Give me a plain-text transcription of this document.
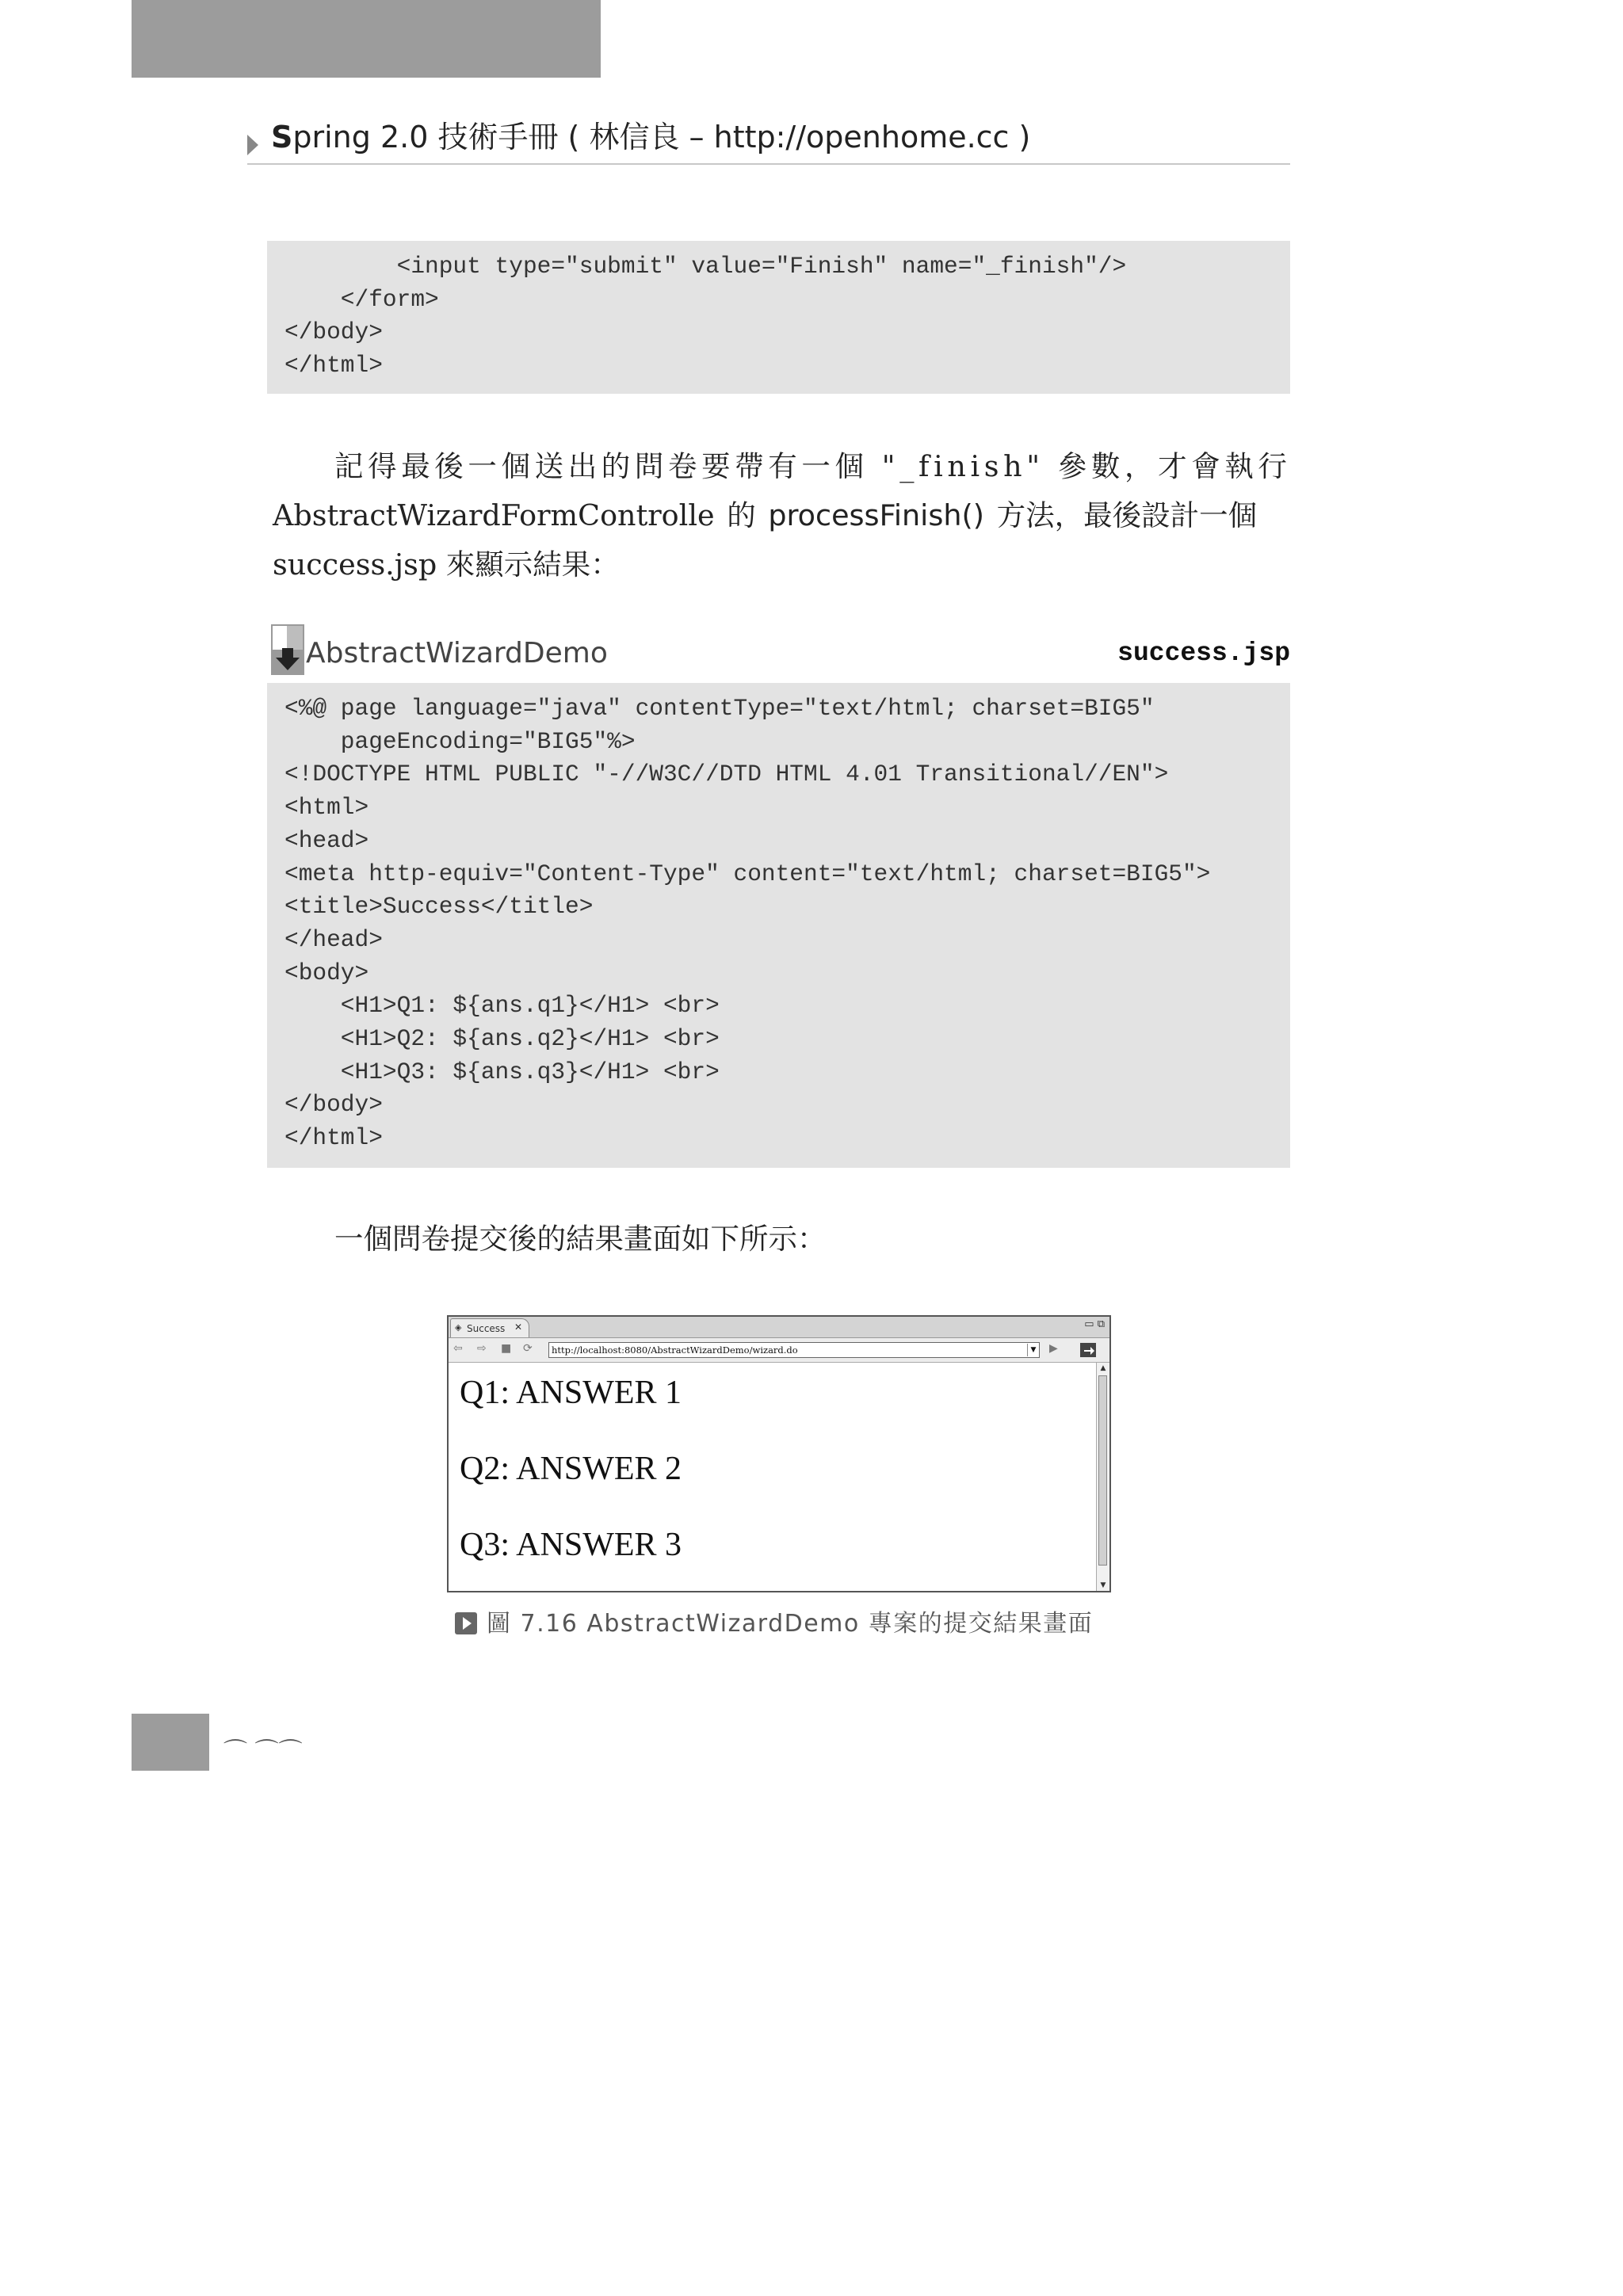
Spring 2.0 技術手冊 ( 林信良 – http://openhome.cc )
<input type="submit" value="Finish" name="_finish"/>
</form>
</body>
</html>
記得最後一個送出的問卷要帶有一個 "_finish" 參數，才會執行
AbstractWizardFormControlle 的 processFinish() 方法，最後設計一個
success.jsp 來顯示結果：
AbstractWizardDemo	success.jsp
<%@ page language="java" contentType="text/html; charset=BIG5"
pageEncoding="BIG5"%>
<!DOCTYPE HTML PUBLIC "-//W3C//DTD HTML 4.01 Transitional//EN">
<html>
<head>
<meta http-equiv="Content-Type" content="text/html; charset=BIG5">
<title>Success</title>
</head>
<body>
<H1>Q1: ${ans.q1}</H1> <br>
<H1>Q2: ${ans.q2}</H1> <br>
<H1>Q3: ${ans.q3}</H1> <br>
</body>
</html>
一個問卷提交後的結果畫面如下所示：
◈ Success ✕	▭ ⧉
⇦ ⇨ ■ ⟳	http://localhost:8080/AbstractWizardDemo/wizard.do	▼ ▶
Q1: ANSWER 1
Q2: ANSWER 2
Q3: ANSWER 3
▲
▼
圖 7.16 AbstractWizardDemo 專案的提交結果畫面
⌒ ⌒⌒
